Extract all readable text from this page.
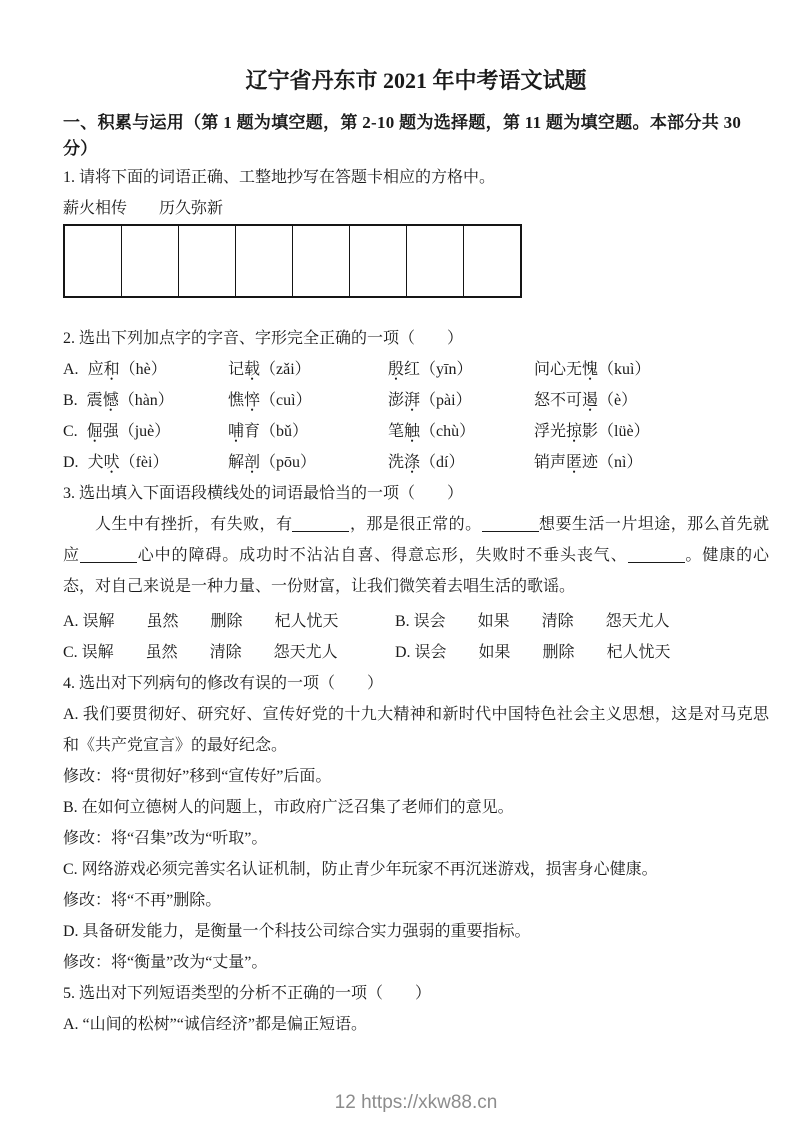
辽宁省丹东市 2021 年中考语文试题
一、积累与运用（第 1 题为填空题，第 2-10 题为选择题，第 11 题为填空题。本部分共 30 分）

1. 请将下面的词语正确、工整地抄写在答题卡相应的方格中。

薪火相传　　历久弥新

2. 选出下列加点字的字音、字形完全正确的一项（　　）

A. 应和（hè）	记载（zǎi）	殷红（yīn）	问心无愧（kuì）
B. 震憾（hàn）	憔悴（cuì）	澎湃（pài）	怒不可遏（è）
C. 倔强（juè）	哺育（bǔ）	笔触（chù）	浮光掠影（lüè）
D. 犬吠（fèi）	解剖（pōu）	洗涤（dí）	销声匿迹（nì）

3. 选出填入下面语段横线处的词语最恰当的一项（　　）

人生中有挫折，有失败，有	，那是很正常的。	想要生活一片坦途，那么首先就应	心中的障碍。成功时不沾沾自喜、得意忘形，失败时不垂头丧气、	。健康的心态，对自己来说是一种力量、一份财富，让我们微笑着去唱生活的歌谣。

A. 误解　　虽然　　删除　　杞人忧天	B. 误会　　如果　　清除　　怨天尤人
C. 误解　　虽然　　清除　　怨天尤人	D. 误会　　如果　　删除　　杞人忧天

4. 选出对下列病句的修改有误的一项（　　）

A. 我们要贯彻好、研究好、宣传好党的十九大精神和新时代中国特色社会主义思想，这是对马克思和《共产党宣言》的最好纪念。

修改：将“贯彻好”移到“宣传好”后面。

B. 在如何立德树人的问题上，市政府广泛召集了老师们的意见。

修改：将“召集”改为“听取”。

C. 网络游戏必须完善实名认证机制，防止青少年玩家不再沉迷游戏，损害身心健康。

修改：将“不再”删除。

D. 具备研发能力，是衡量一个科技公司综合实力强弱的重要指标。

修改：将“衡量”改为“丈量”。

5. 选出对下列短语类型的分析不正确的一项（　　）

A. “山间的松树”“诚信经济”都是偏正短语。

12 https://xkw88.cn
